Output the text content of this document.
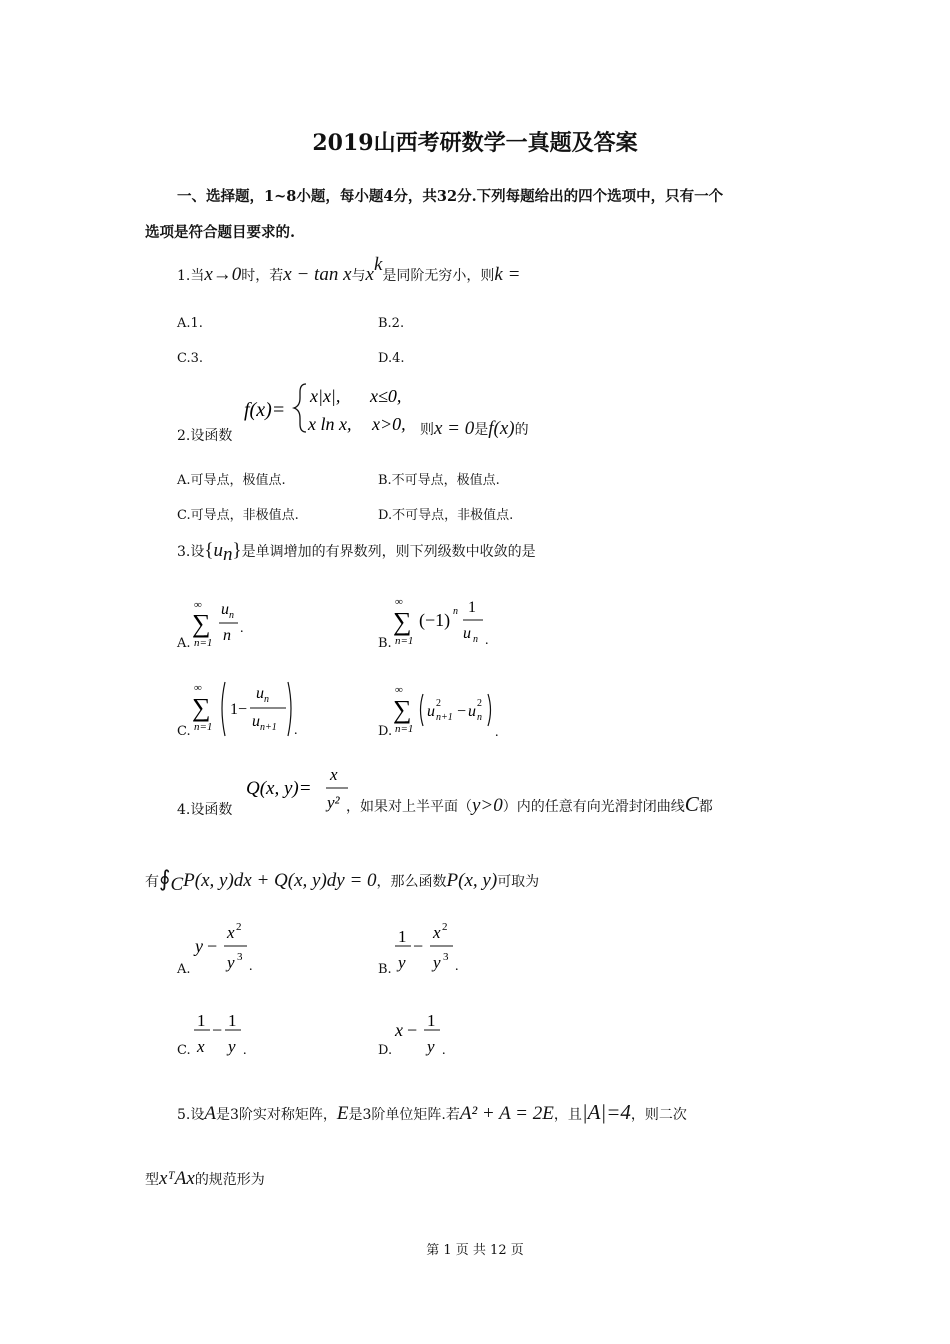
2019山西考研数学一真题及答案
一、选择题，1~8小题，每小题4分，共32分.下列每题给出的四个选项中，只有一个
选项是符合题目要求的.
1.当x→0时，若x − tan x与$x^k$是同阶无穷小，则k =
A.1.	B.2.
C.3.	D.4.
2.设函数
f(x)=
x|x|, x≤0,
x ln x, x>0, 则x = 0是f(x)的
A.可导点，极值点.	B.不可导点，极值点.
C.可导点，非极值点.	D.不可导点，非极值点.
3.设$\{u_n\}$是单调增加的有界数列，则下列级数中收敛的是
A.
∞
∑
n=1
u n
n .
B.
∞
∑
n=1
(−1) n 1
u n .
C.
∞
∑
n=1
1−
u n
u n+1 .	D.
∞
∑
n=1
u 2
n+1 − u 2
n
.
4.设函数
Q(x, y)=
x
y² ，如果对上半平面（y>0）内的任意有向光滑封闭曲线C都
有$∮_CP(x$, y)dx + Q(x, y)dy = 0，那么函数P(x, y)可取为
A.
y −
x 2
y 3
.	B.
1
y
−
x 2
y 3
.
C.
1
x
− 1
y .	D.
x − 1
y .
5.设A是3阶实对称矩阵，E是3阶单位矩阵.若A² + A = 2E，且|A|=4，则二次
型xᵀAx的规范形为
第 1 页 共 12 页
